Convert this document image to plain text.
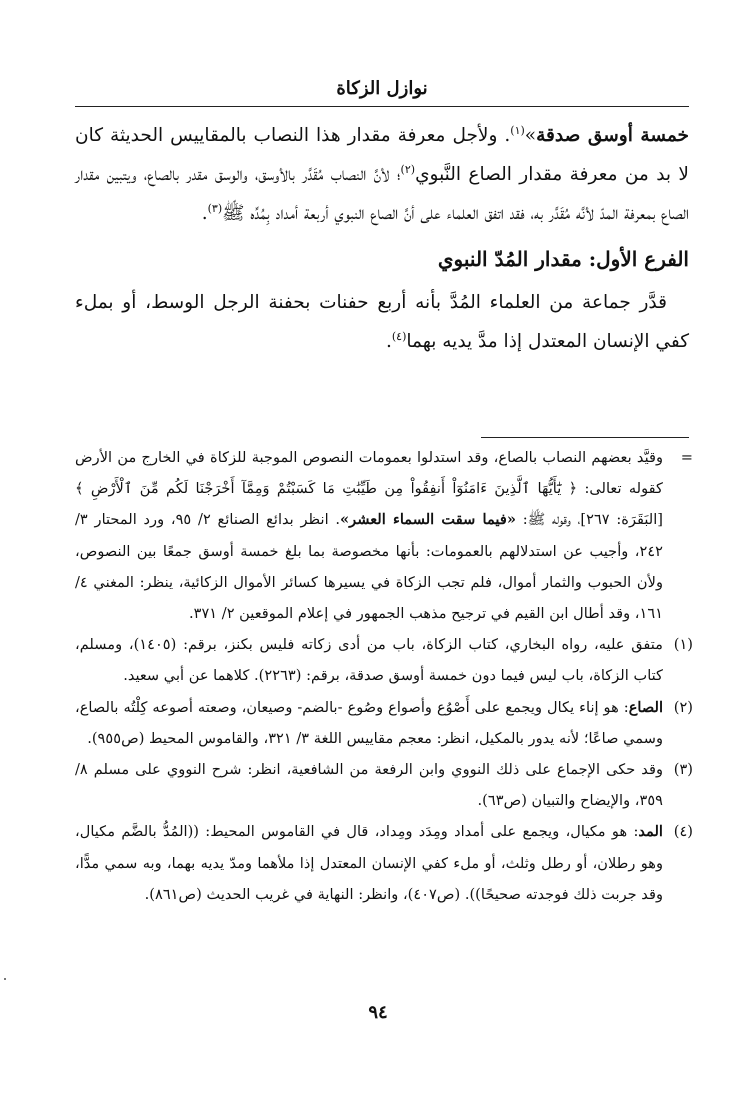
نوازل الزكاة

خمسة أوسق صدقة»$^{(١)}$. ولأجل معرفة مقدار هذا النصاب بالمقاييس الحديثة كان لا بد من معرفة مقدار الصاع النَّبوي$^{(٢)}$؛ لأنَّ النصاب مُقَدَّر بالأوسق، والوسق مقدر بالصاع، ويتبين مقدار الصاع بمعرفة المدّ لأنَّه مُقَدَّر به، فقد اتفق العلماء على أنَّ الصاع النبوي أربعة أمداد بِمُدِّه ﷺ$^{(٣)}$.

الفرع الأول: مقدار المُدّ النبوي

قدَّر جماعة من العلماء المُدَّ بأنه أربع حفنات بحفنة الرجل الوسط، أو بملء كفي الإنسان المعتدل إذا مدَّ يديه بهما$^{(٤)}$.

=
وقيَّد بعضهم النصاب بالصاع، وقد استدلوا بعمومات النصوص الموجبة للزكاة في الخارج من الأرض كقوله تعالى: ﴿ يَٰٓأَيُّهَا ٱلَّذِينَ ءَامَنُوٓاْ أَنفِقُواْ مِن طَيِّبَٰتِ مَا كَسَبْتُمْ وَمِمَّآ أَخْرَجْنَا لَكُم مِّنَ ٱلْأَرْضِ ﴾ [البَقَرَة: ٢٦٧]، وقوله ﷺ: «فيما سقت السماء العشر». انظر بدائع الصنائع ٢/ ٩٥، ورد المحتار ٣/ ٢٤٢، وأجيب عن استدلالهم بالعمومات: بأنها مخصوصة بما بلغ خمسة أوسق جمعًا بين النصوص، ولأن الحبوب والثمار أموال، فلم تجب الزكاة في يسيرها كسائر الأموال الزكائية، ينظر: المغني ٤/ ١٦١، وقد أطال ابن القيم في ترجيح مذهب الجمهور في إعلام الموقعين ٢/ ٣٧١.

(١)
متفق عليه، رواه البخاري، كتاب الزكاة، باب من أدى زكاته فليس بكنز، برقم: (١٤٠٥)، ومسلم، كتاب الزكاة، باب ليس فيما دون خمسة أوسق صدقة، برقم: (٢٢٦٣). كلاهما عن أبي سعيد.

(٢)
الصاع: هو إناء يكال ويجمع على أَصْوُع وأصواع وصُوع -بالضم- وصيعان، وصعته أصوعه كِلْتُه بالصاع، وسمي صاعًا؛ لأنه يدور بالمكيل، انظر: معجم مقاييس اللغة ٣/ ٣٢١، والقاموس المحيط (ص٩٥٥).

(٣)
وقد حكى الإجماع على ذلك النووي وابن الرفعة من الشافعية، انظر: شرح النووي على مسلم ٨/ ٣٥٩، والإيضاح والتبيان (ص٦٣).

(٤)
المد: هو مكيال، ويجمع على أمداد ومِدَد ومِداد، قال في القاموس المحيط: ((المُدُّ بالضَّم مكيال، وهو رطلان، أو رطل وثلث، أو ملء كفي الإنسان المعتدل إذا ملأهما ومدّ يديه بهما، وبه سمي مدًّا، وقد جربت ذلك فوجدته صحيحًا)). (ص٤٠٧)، وانظر: النهاية في غريب الحديث (ص٨٦١).

٩٤
